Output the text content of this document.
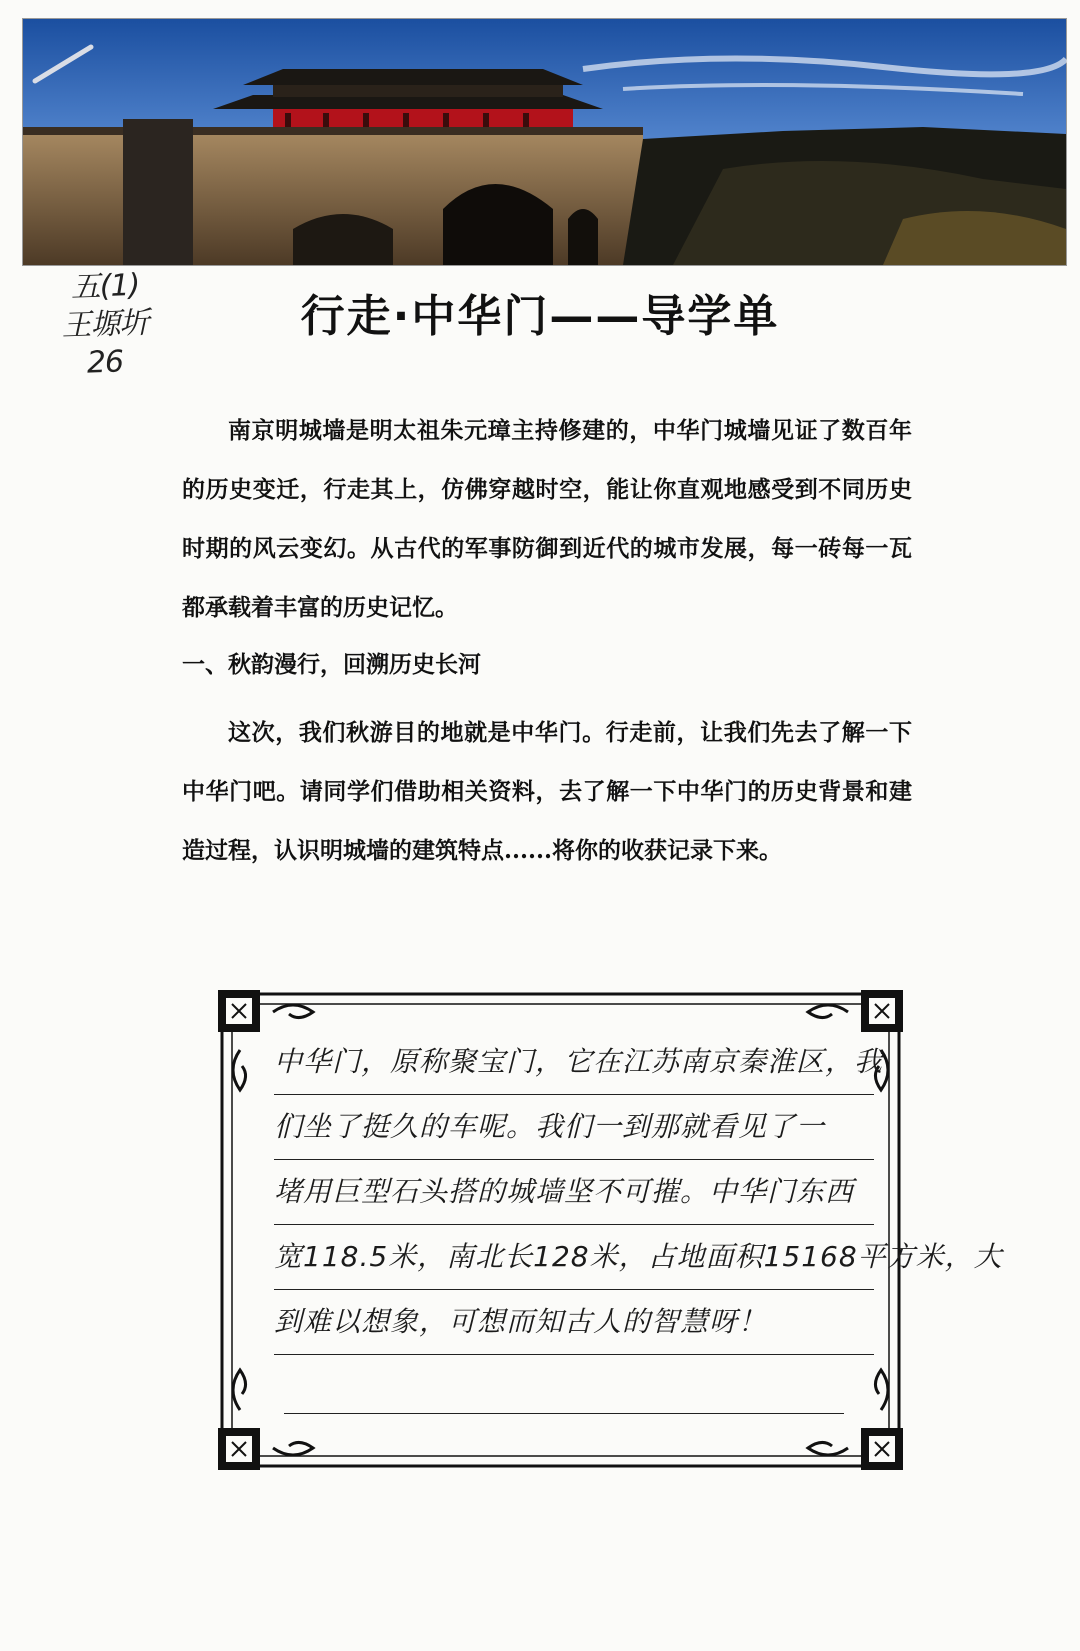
五(1)
王塬圻
26
行走·中华门——导学单

南京明城墙是明太祖朱元璋主持修建的，中华门城墙见证了数百年的历史变迁，行走其上，仿佛穿越时空，能让你直观地感受到不同历史时期的风云变幻。从古代的军事防御到近代的城市发展，每一砖每一瓦都承载着丰富的历史记忆。

一、秋韵漫行，回溯历史长河

这次，我们秋游目的地就是中华门。行走前，让我们先去了解一下中华门吧。请同学们借助相关资料，去了解一下中华门的历史背景和建造过程，认识明城墙的建筑特点......将你的收获记录下来。

中华门，原称聚宝门，它在江苏南京秦淮区，我
们坐了挺久的车呢。我们一到那就看见了一
堵用巨型石头搭的城墙坚不可摧。中华门东西
宽118.5米，南北长128米，占地面积15168平方米，大
到难以想象，可想而知古人的智慧呀！
